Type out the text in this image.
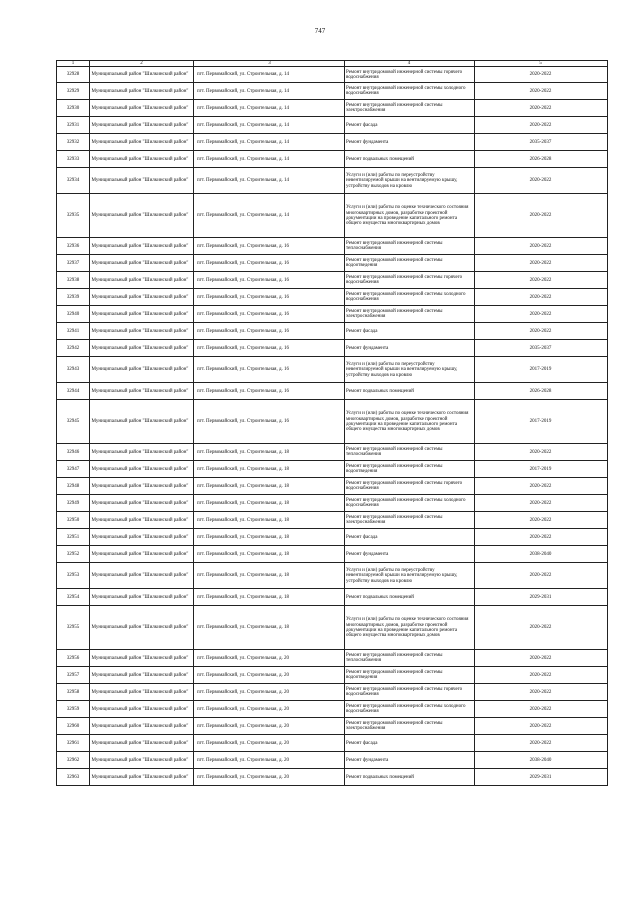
747
1	2	3	4	5
32928	Муниципальный район "Шилкинский район"	пгт. Первомайский, ул. Строительная, д. 14	Ремонт внутридомовой инженерной системы горячего водоснабжения	2020-2022
32929	Муниципальный район "Шилкинский район"	пгт. Первомайский, ул. Строительная, д. 14	Ремонт внутридомовой инженерной системы холодного водоснабжения	2020-2022
32930	Муниципальный район "Шилкинский район"	пгт. Первомайский, ул. Строительная, д. 14	Ремонт внутридомовой инженерной системы электроснабжения	2020-2022
32931	Муниципальный район "Шилкинский район"	пгт. Первомайский, ул. Строительная, д. 14	Ремонт фасада	2020-2022
32932	Муниципальный район "Шилкинский район"	пгт. Первомайский, ул. Строительная, д. 14	Ремонт фундамента	2035-2037
32933	Муниципальный район "Шилкинский район"	пгт. Первомайский, ул. Строительная, д. 14	Ремонт подвальных помещений	2026-2028
32934	Муниципальный район "Шилкинский район"	пгт. Первомайский, ул. Строительная, д. 14	Услуги и (или) работы по переустройству невентилируемой крыши на вентилируемую крышу, устройству выходов на кровлю	2020-2022
32935	Муниципальный район "Шилкинский район"	пгт. Первомайский, ул. Строительная, д. 14	Услуги и (или) работы по оценке технического состояния многоквартирных домов, разработке проектной документации на проведение капитального ремонта общего имущества многоквартирных домов	2020-2022
32936	Муниципальный район "Шилкинский район"	пгт. Первомайский, ул. Строительная, д. 16	Ремонт внутридомовой инженерной системы теплоснабжения	2020-2022
32937	Муниципальный район "Шилкинский район"	пгт. Первомайский, ул. Строительная, д. 16	Ремонт внутридомовой инженерной системы водоотведения	2020-2022
32938	Муниципальный район "Шилкинский район"	пгт. Первомайский, ул. Строительная, д. 16	Ремонт внутридомовой инженерной системы горячего водоснабжения	2020-2022
32939	Муниципальный район "Шилкинский район"	пгт. Первомайский, ул. Строительная, д. 16	Ремонт внутридомовой инженерной системы холодного водоснабжения	2020-2022
32940	Муниципальный район "Шилкинский район"	пгт. Первомайский, ул. Строительная, д. 16	Ремонт внутридомовой инженерной системы электроснабжения	2020-2022
32941	Муниципальный район "Шилкинский район"	пгт. Первомайский, ул. Строительная, д. 16	Ремонт фасада	2020-2022
32942	Муниципальный район "Шилкинский район"	пгт. Первомайский, ул. Строительная, д. 16	Ремонт фундамента	2035-2037
32943	Муниципальный район "Шилкинский район"	пгт. Первомайский, ул. Строительная, д. 16	Услуги и (или) работы по переустройству невентилируемой крыши на вентилируемую крышу, устройству выходов на кровлю	2017-2019
32944	Муниципальный район "Шилкинский район"	пгт. Первомайский, ул. Строительная, д. 16	Ремонт подвальных помещений	2026-2028
32945	Муниципальный район "Шилкинский район"	пгт. Первомайский, ул. Строительная, д. 16	Услуги и (или) работы по оценке технического состояния многоквартирных домов, разработке проектной документации на проведение капитального ремонта общего имущества многоквартирных домов	2017-2019
32946	Муниципальный район "Шилкинский район"	пгт. Первомайский, ул. Строительная, д. 18	Ремонт внутридомовой инженерной системы теплоснабжения	2020-2022
32947	Муниципальный район "Шилкинский район"	пгт. Первомайский, ул. Строительная, д. 18	Ремонт внутридомовой инженерной системы водоотведения	2017-2019
32948	Муниципальный район "Шилкинский район"	пгт. Первомайский, ул. Строительная, д. 18	Ремонт внутридомовой инженерной системы горячего водоснабжения	2020-2022
32949	Муниципальный район "Шилкинский район"	пгт. Первомайский, ул. Строительная, д. 18	Ремонт внутридомовой инженерной системы холодного водоснабжения	2020-2022
32950	Муниципальный район "Шилкинский район"	пгт. Первомайский, ул. Строительная, д. 18	Ремонт внутридомовой инженерной системы электроснабжения	2020-2022
32951	Муниципальный район "Шилкинский район"	пгт. Первомайский, ул. Строительная, д. 18	Ремонт фасада	2020-2022
32952	Муниципальный район "Шилкинский район"	пгт. Первомайский, ул. Строительная, д. 18	Ремонт фундамента	2038-2040
32953	Муниципальный район "Шилкинский район"	пгт. Первомайский, ул. Строительная, д. 18	Услуги и (или) работы по переустройству невентилируемой крыши на вентилируемую крышу, устройству выходов на кровлю	2020-2022
32954	Муниципальный район "Шилкинский район"	пгт. Первомайский, ул. Строительная, д. 18	Ремонт подвальных помещений	2029-2031
32955	Муниципальный район "Шилкинский район"	пгт. Первомайский, ул. Строительная, д. 18	Услуги и (или) работы по оценке технического состояния многоквартирных домов, разработке проектной документации на проведение капитального ремонта общего имущества многоквартирных домов	2020-2022
32956	Муниципальный район "Шилкинский район"	пгт. Первомайский, ул. Строительная, д. 20	Ремонт внутридомовой инженерной системы теплоснабжения	2020-2022
32957	Муниципальный район "Шилкинский район"	пгт. Первомайский, ул. Строительная, д. 20	Ремонт внутридомовой инженерной системы водоотведения	2020-2022
32958	Муниципальный район "Шилкинский район"	пгт. Первомайский, ул. Строительная, д. 20	Ремонт внутридомовой инженерной системы горячего водоснабжения	2020-2022
32959	Муниципальный район "Шилкинский район"	пгт. Первомайский, ул. Строительная, д. 20	Ремонт внутридомовой инженерной системы холодного водоснабжения	2020-2022
32960	Муниципальный район "Шилкинский район"	пгт. Первомайский, ул. Строительная, д. 20	Ремонт внутридомовой инженерной системы электроснабжения	2020-2022
32961	Муниципальный район "Шилкинский район"	пгт. Первомайский, ул. Строительная, д. 20	Ремонт фасада	2020-2022
32962	Муниципальный район "Шилкинский район"	пгт. Первомайский, ул. Строительная, д. 20	Ремонт фундамента	2038-2040
32963	Муниципальный район "Шилкинский район"	пгт. Первомайский, ул. Строительная, д. 20	Ремонт подвальных помещений	2029-2031
